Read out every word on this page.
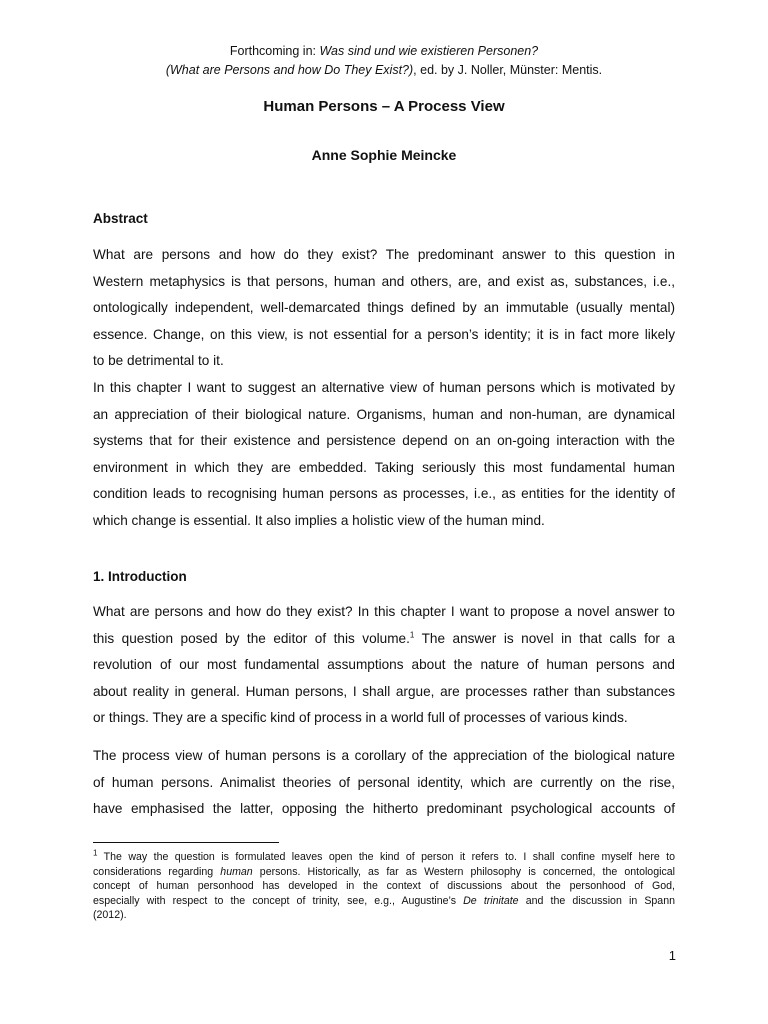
Forthcoming in: Was sind und wie existieren Personen?
(What are Persons and how Do They Exist?), ed. by J. Noller, Münster: Mentis.
Human Persons – A Process View
Anne Sophie Meincke
Abstract
What are persons and how do they exist? The predominant answer to this question in
Western metaphysics is that persons, human and others, are, and exist as, substances, i.e.,
ontologically independent, well-demarcated things defined by an immutable (usually mental)
essence. Change, on this view, is not essential for a person’s identity; it is in fact more likely
to be detrimental to it.
In this chapter I want to suggest an alternative view of human persons which is motivated by
an appreciation of their biological nature. Organisms, human and non-human, are dynamical
systems that for their existence and persistence depend on an on-going interaction with the
environment in which they are embedded. Taking seriously this most fundamental human
condition leads to recognising human persons as processes, i.e., as entities for the identity of
which change is essential. It also implies a holistic view of the human mind.
1. Introduction
What are persons and how do they exist? In this chapter I want to propose a novel answer to
this question posed by the editor of this volume.$^1$ The answer is novel in that calls for a
revolution of our most fundamental assumptions about the nature of human persons and
about reality in general. Human persons, I shall argue, are processes rather than substances
or things. They are a specific kind of process in a world full of processes of various kinds.
The process view of human persons is a corollary of the appreciation of the biological nature
of human persons. Animalist theories of personal identity, which are currently on the rise,
have emphasised the latter, opposing the hitherto predominant psychological accounts of
$^1$ The way the question is formulated leaves open the kind of person it refers to. I shall confine myself here to
considerations regarding human persons. Historically, as far as Western philosophy is concerned, the ontological
concept of human personhood has developed in the context of discussions about the personhood of God,
especially with respect to the concept of trinity, see, e.g., Augustine’s De trinitate and the discussion in Spann
(2012).
1
